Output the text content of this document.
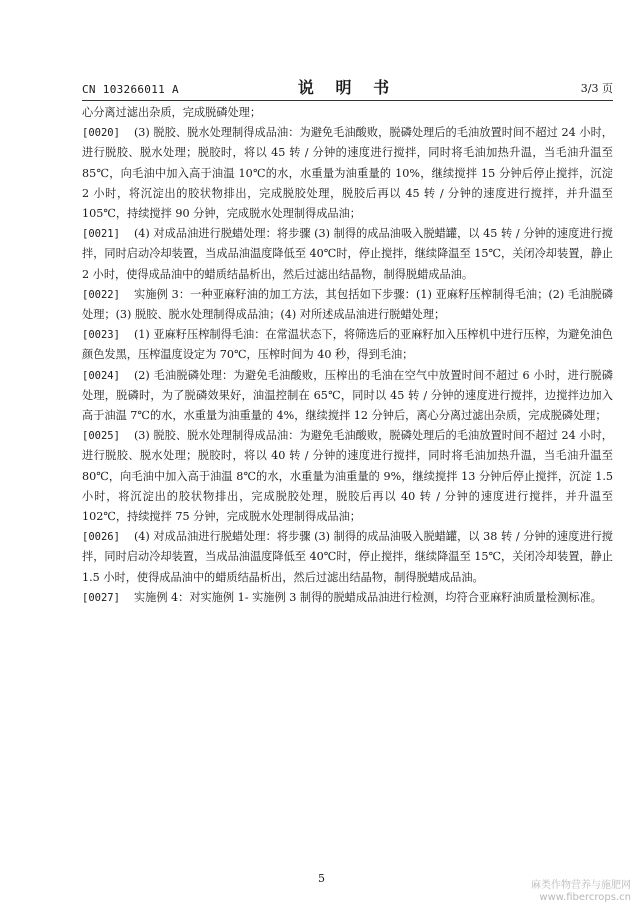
CN 103266011 A	说 明 书	3/3 页

心分离过滤出杂质，完成脱磷处理；

[0020] (3) 脱胶、脱水处理制得成品油：为避免毛油酸败，脱磷处理后的毛油放置时间不超过 24 小时，进行脱胶、脱水处理；脱胶时，将以 45 转 / 分钟的速度进行搅拌，同时将毛油加热升温，当毛油升温至 85℃，向毛油中加入高于油温 10℃的水，水重量为油重量的 10%，继续搅拌 15 分钟后停止搅拌，沉淀 2 小时，将沉淀出的胶状物排出，完成脱胶处理，脱胶后再以 45 转 / 分钟的速度进行搅拌，并升温至 105℃，持续搅拌 90 分钟，完成脱水处理制得成品油；

[0021] (4) 对成品油进行脱蜡处理：将步骤 (3) 制得的成品油吸入脱蜡罐，以 45 转 / 分钟的速度进行搅拌，同时启动冷却装置，当成品油温度降低至 40℃时，停止搅拌，继续降温至 15℃，关闭冷却装置，静止 2 小时，使得成品油中的蜡质结晶析出，然后过滤出结晶物，制得脱蜡成品油。

[0022] 实施例 3：一种亚麻籽油的加工方法，其包括如下步骤：(1) 亚麻籽压榨制得毛油；(2) 毛油脱磷处理；(3) 脱胶、脱水处理制得成品油；(4) 对所述成品油进行脱蜡处理；

[0023] (1) 亚麻籽压榨制得毛油：在常温状态下，将筛选后的亚麻籽加入压榨机中进行压榨，为避免油色颜色发黑，压榨温度设定为 70℃，压榨时间为 40 秒，得到毛油；

[0024] (2) 毛油脱磷处理：为避免毛油酸败，压榨出的毛油在空气中放置时间不超过 6 小时，进行脱磷处理，脱磷时，为了脱磷效果好，油温控制在 65℃，同时以 45 转 / 分钟的速度进行搅拌，边搅拌边加入高于油温 7℃的水，水重量为油重量的 4%，继续搅拌 12 分钟后，离心分离过滤出杂质，完成脱磷处理；

[0025] (3) 脱胶、脱水处理制得成品油：为避免毛油酸败，脱磷处理后的毛油放置时间不超过 24 小时，进行脱胶、脱水处理；脱胶时，将以 40 转 / 分钟的速度进行搅拌，同时将毛油加热升温，当毛油升温至 80℃，向毛油中加入高于油温 8℃的水，水重量为油重量的 9%，继续搅拌 13 分钟后停止搅拌，沉淀 1.5 小时，将沉淀出的胶状物排出，完成脱胶处理，脱胶后再以 40 转 / 分钟的速度进行搅拌，并升温至 102℃，持续搅拌 75 分钟，完成脱水处理制得成品油；

[0026] (4) 对成品油进行脱蜡处理：将步骤 (3) 制得的成品油吸入脱蜡罐，以 38 转 / 分钟的速度进行搅拌，同时启动冷却装置，当成品油温度降低至 40℃时，停止搅拌，继续降温至 15℃，关闭冷却装置，静止 1.5 小时，使得成品油中的蜡质结晶析出，然后过滤出结晶物，制得脱蜡成品油。

[0027] 实施例 4：对实施例 1- 实施例 3 制得的脱蜡成品油进行检测，均符合亚麻籽油质量检测标准。

5
麻类作物营养与施肥网
www.fibercrops.cn
